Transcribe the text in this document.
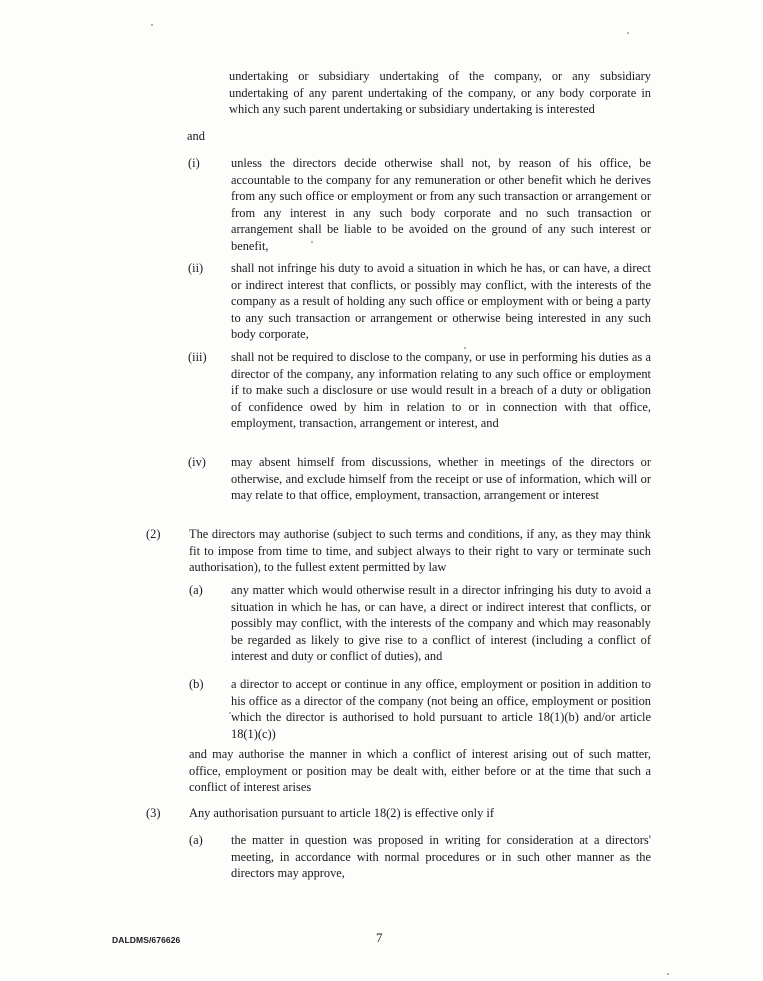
undertaking or subsidiary undertaking of the company, or any subsidiary undertaking of any parent undertaking of the company, or any body corporate in which any such parent undertaking or subsidiary undertaking is interested

and

(i)	unless the directors decide otherwise shall not, by reason of his office, be accountable to the company for any remuneration or other benefit which he derives from any such office or employment or from any such transaction or arrangement or from any interest in any such body corporate and no such transaction or arrangement shall be liable to be avoided on the ground of any such interest or benefit,

(ii) shall not infringe his duty to avoid a situation in which he has, or can have, a direct or indirect interest that conflicts, or possibly may conflict, with the interests of the company as a result of holding any such office or employment with or being a party to any such transaction or arrangement or otherwise being interested in any such body corporate,

(iii) shall not be required to disclose to the company, or use in performing his duties as a director of the company, any information relating to any such office or employment if to make such a disclosure or use would result in a breach of a duty or obligation of confidence owed by him in relation to or in connection with that office, employment, transaction, arrangement or interest, and

(iv) may absent himself from discussions, whether in meetings of the directors or otherwise, and exclude himself from the receipt or use of information, which will or may relate to that office, employment, transaction, arrangement or interest

(2) The directors may authorise (subject to such terms and conditions, if any, as they may think fit to impose from time to time, and subject always to their right to vary or terminate such authorisation), to the fullest extent permitted by law

(a) any matter which would otherwise result in a director infringing his duty to avoid a situation in which he has, or can have, a direct or indirect interest that conflicts, or possibly may conflict, with the interests of the company and which may reasonably be regarded as likely to give rise to a conflict of interest (including a conflict of interest and duty or conflict of duties), and

(b) a director to accept or continue in any office, employment or position in addition to his office as a director of the company (not being an office, employment or position which the director is authorised to hold pursuant to article 18(1)(b) and/or article 18(1)(c))

and may authorise the manner in which a conflict of interest arising out of such matter, office, employment or position may be dealt with, either before or at the time that such a conflict of interest arises

(3) Any authorisation pursuant to article 18(2) is effective only if

(a) the matter in question was proposed in writing for consideration at a directors' meeting, in accordance with normal procedures or in such other manner as the directors may approve,

DALDMS/676626	7
